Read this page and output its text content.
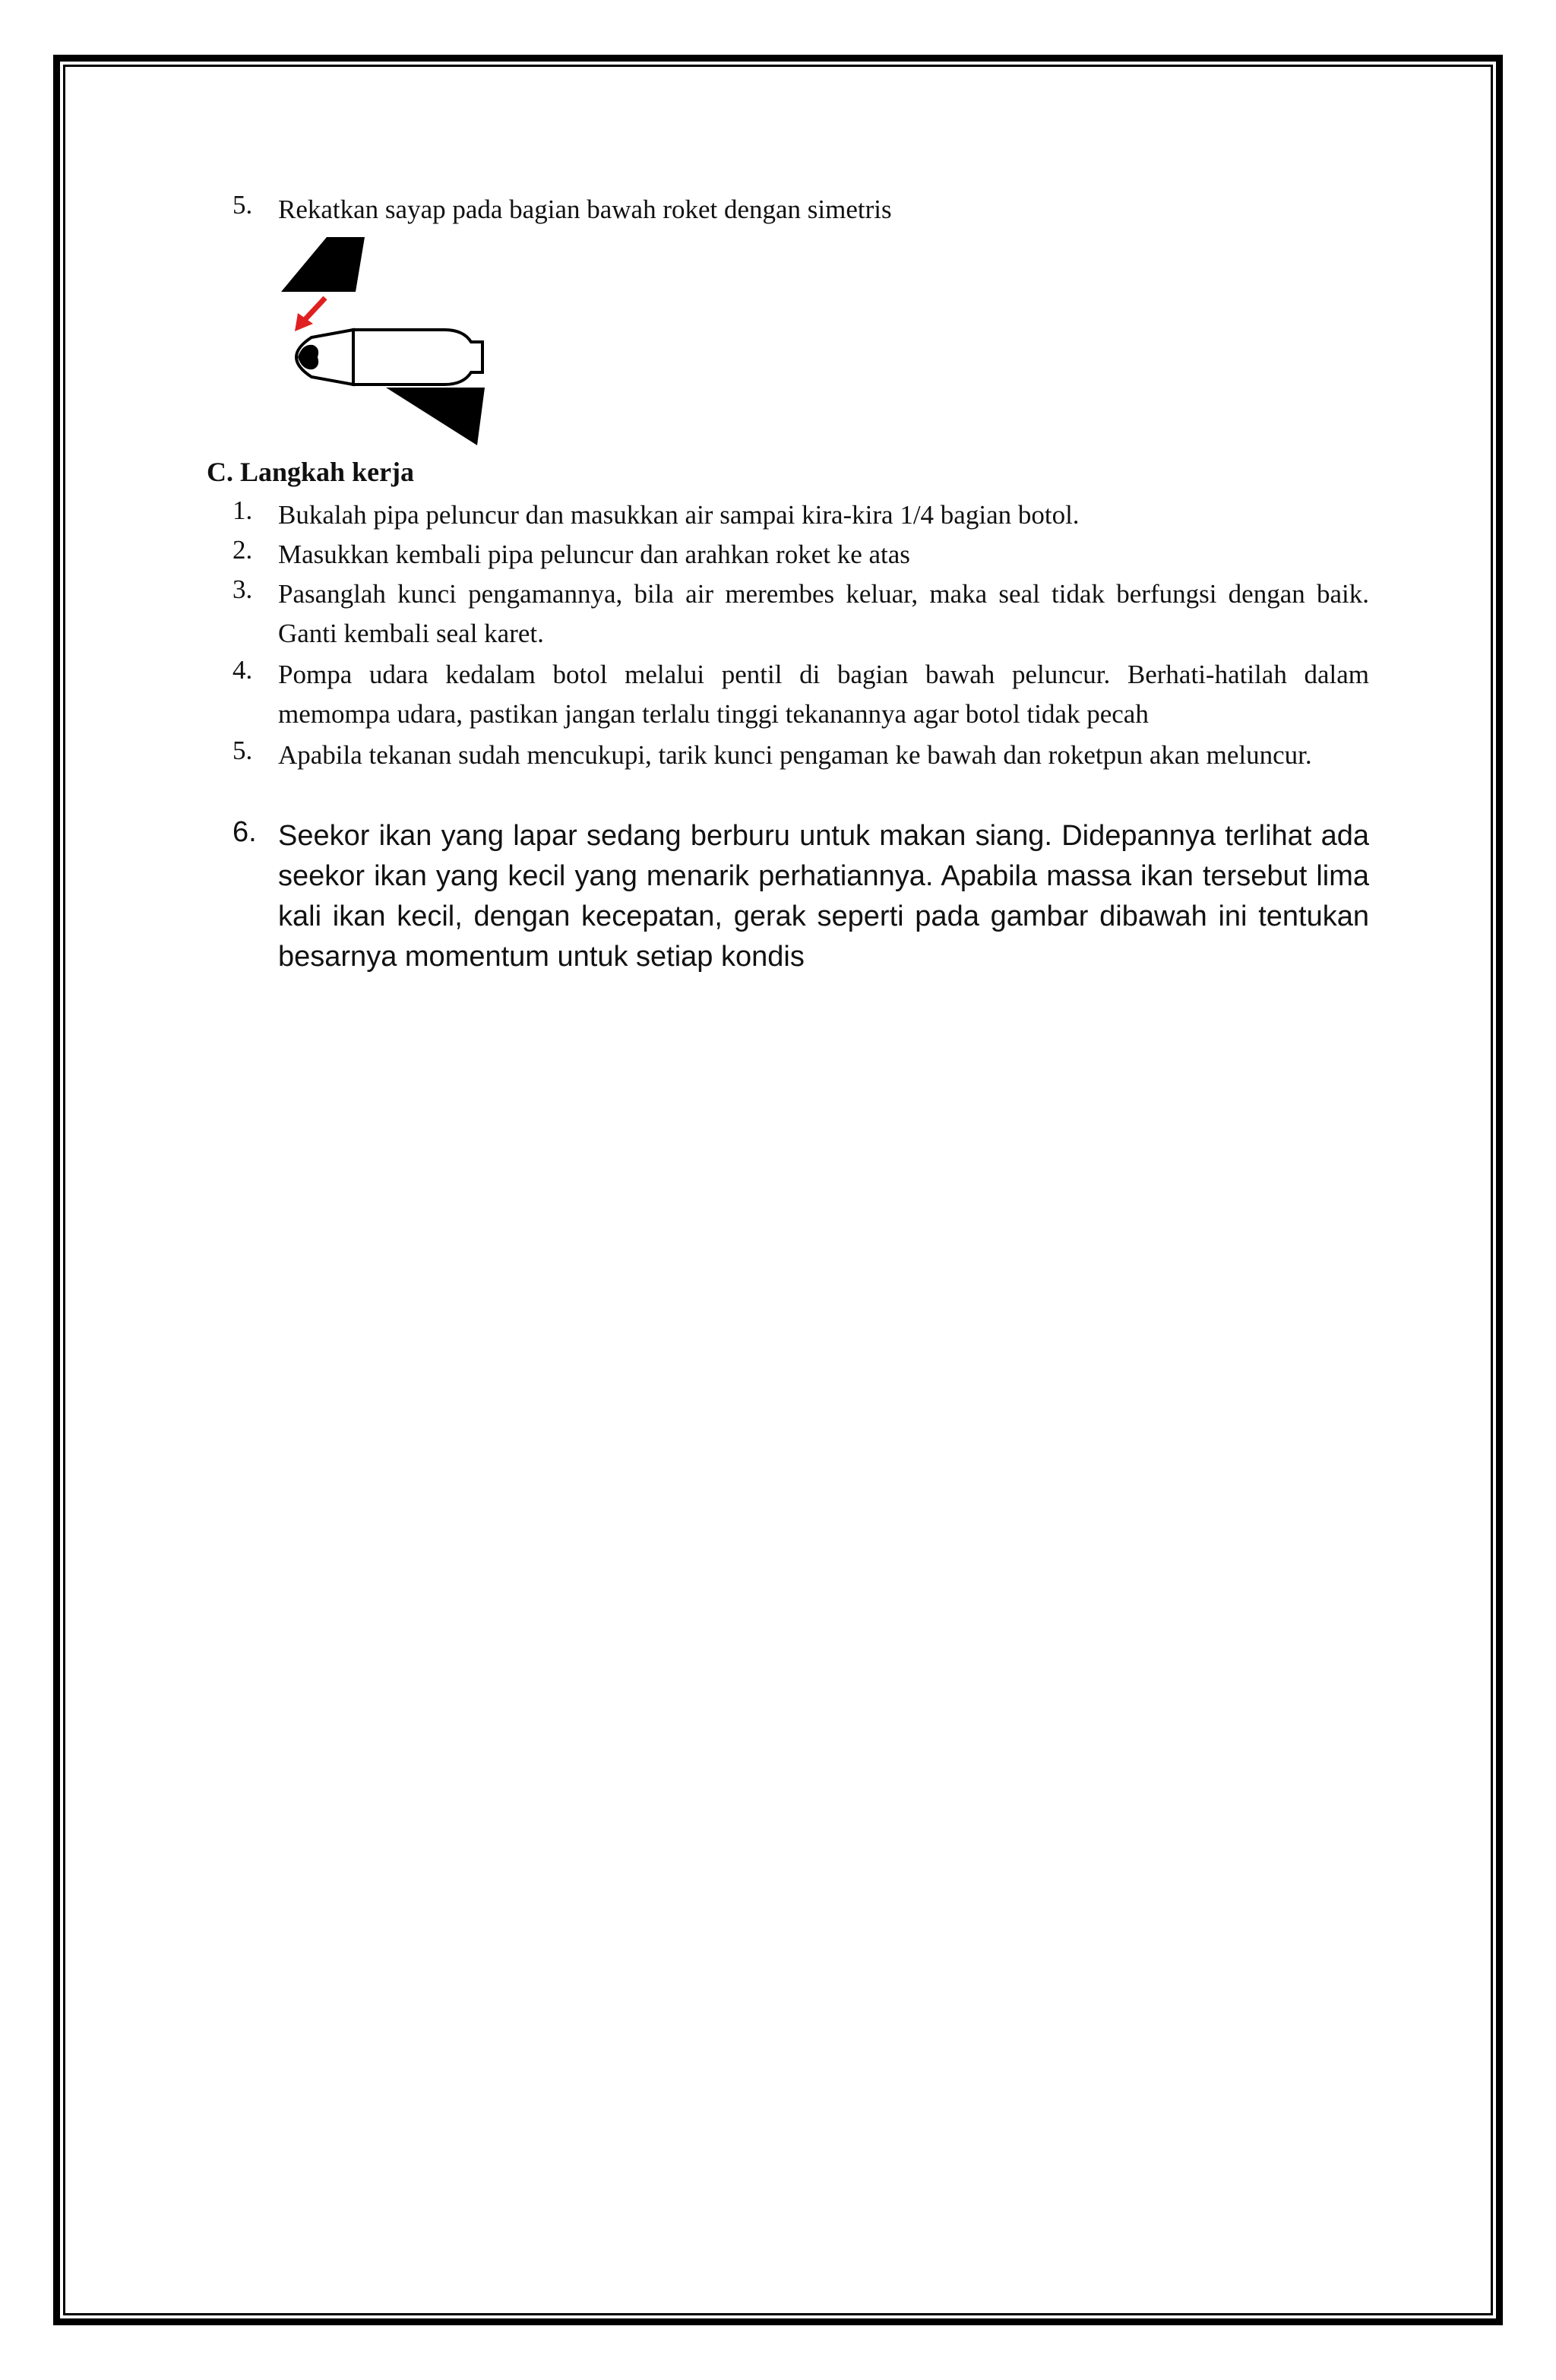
5. Rekatkan sayap pada bagian bawah roket dengan simetris
C. Langkah kerja
1. Bukalah pipa peluncur dan masukkan air sampai kira-kira 1/4 bagian botol.
2. Masukkan kembali pipa peluncur dan arahkan roket ke atas
3. Pasanglah kunci pengamannya, bila air merembes keluar, maka seal tidak berfungsi dengan baik. Ganti kembali seal karet.
4. Pompa udara kedalam botol melalui pentil di bagian bawah peluncur. Berhati-hatilah dalam memompa udara, pastikan jangan terlalu tinggi tekanannya agar botol tidak pecah
5. Apabila tekanan sudah mencukupi, tarik kunci pengaman ke bawah dan roketpun akan meluncur.
6. Seekor ikan yang lapar sedang berburu untuk makan siang. Didepannya terlihat ada seekor ikan yang kecil yang menarik perhatiannya. Apabila massa ikan tersebut lima kali ikan kecil, dengan kecepatan, gerak seperti pada gambar dibawah ini tentukan besarnya momentum untuk setiap kondis
